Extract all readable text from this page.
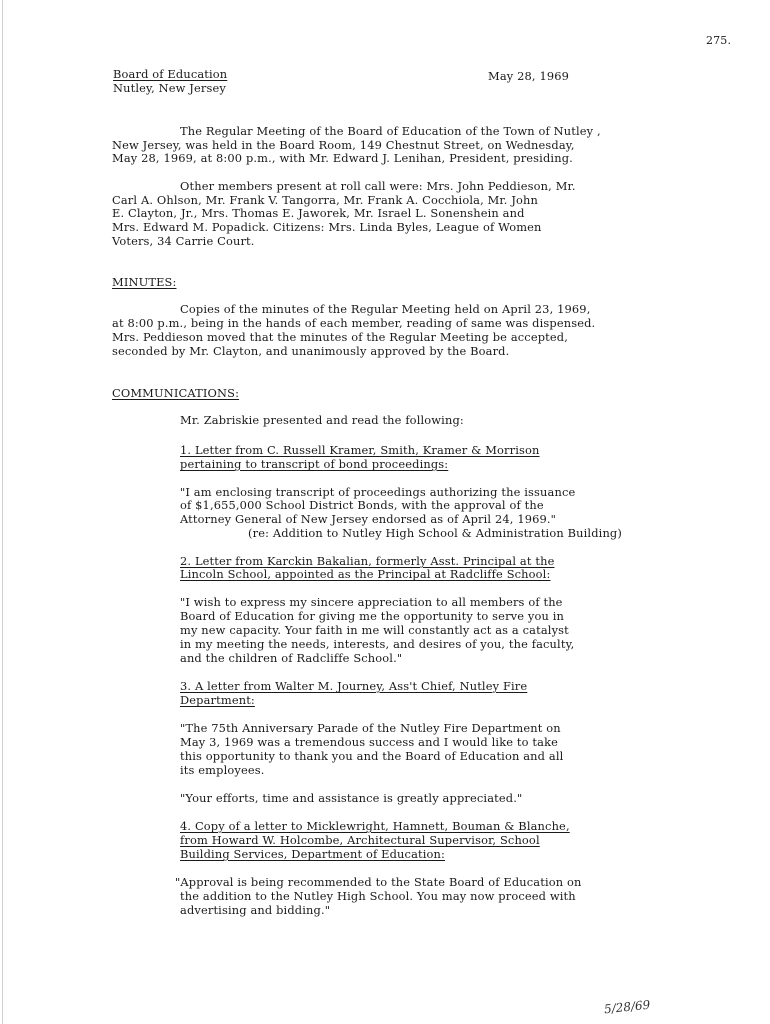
275.
Board of Education
Nutley, New Jersey
May 28, 1969
The Regular Meeting of the Board of Education of the Town of Nutley ,
New Jersey, was held in the Board Room, 149 Chestnut Street, on Wednesday,
May 28, 1969, at 8:00 p.m., with Mr. Edward J. Lenihan, President, presiding.
Other members present at roll call were: Mrs. John Peddieson, Mr.
Carl A. Ohlson, Mr. Frank V. Tangorra, Mr. Frank A. Cocchiola, Mr. John
E. Clayton, Jr., Mrs. Thomas E. Jaworek, Mr. Israel L. Sonenshein and
Mrs. Edward M. Popadick. Citizens: Mrs. Linda Byles, League of Women
Voters, 34 Carrie Court.
MINUTES:
Copies of the minutes of the Regular Meeting held on April 23, 1969,
at 8:00 p.m., being in the hands of each member, reading of same was dispensed.
Mrs. Peddieson moved that the minutes of the Regular Meeting be accepted,
seconded by Mr. Clayton, and unanimously approved by the Board.
COMMUNICATIONS:
Mr. Zabriskie presented and read the following:
1. Letter from C. Russell Kramer, Smith, Kramer & Morrison
pertaining to transcript of bond proceedings:
"I am enclosing transcript of proceedings authorizing the issuance
of $1,655,000 School District Bonds, with the approval of the
Attorney General of New Jersey endorsed as of April 24, 1969."
(re: Addition to Nutley High School & Administration Building)
2. Letter from Karckin Bakalian, formerly Asst. Principal at the
Lincoln School, appointed as the Principal at Radcliffe School:
"I wish to express my sincere appreciation to all members of the
Board of Education for giving me the opportunity to serve you in
my new capacity. Your faith in me will constantly act as a catalyst
in my meeting the needs, interests, and desires of you, the faculty,
and the children of Radcliffe School."
3. A letter from Walter M. Journey, Ass't Chief, Nutley Fire
Department:
"The 75th Anniversary Parade of the Nutley Fire Department on
May 3, 1969 was a tremendous success and I would like to take
this opportunity to thank you and the Board of Education and all
its employees.
"Your efforts, time and assistance is greatly appreciated."
4. Copy of a letter to Micklewright, Hamnett, Bouman & Blanche,
from Howard W. Holcombe, Architectural Supervisor, School
Building Services, Department of Education:
"Approval is being recommended to the State Board of Education on
the addition to the Nutley High School. You may now proceed with
advertising and bidding."
5/28/69
